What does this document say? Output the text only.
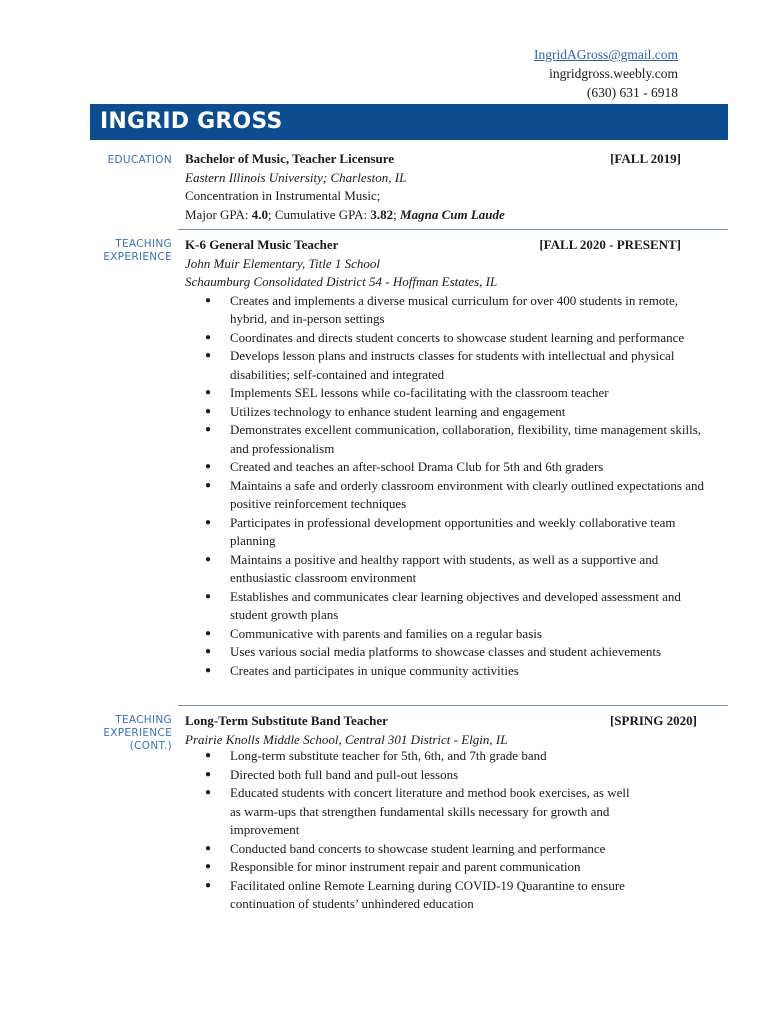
IngridAGross@gmail.com
ingridgross.weebly.com
(630) 631 - 6918
INGRID GROSS
EDUCATION Bachelor of Music, Teacher Licensure	[FALL 2019]
Eastern Illinois University; Charleston, IL
Concentration in Instrumental Music;
Major GPA: 4.0; Cumulative GPA: 3.82; Magna Cum Laude
TEACHING
EXPERIENCE
K-6 General Music Teacher	[FALL 2020 - PRESENT]
John Muir Elementary, Title 1 School
Schaumburg Consolidated District 54 - Hoffman Estates, IL
● Creates and implements a diverse musical curriculum for over 400 students in remote, hybrid, and in-person settings
● Coordinates and directs student concerts to showcase student learning and performance
● Develops lesson plans and instructs classes for students with intellectual and physical disabilities; self-contained and integrated
● Implements SEL lessons while co-facilitating with the classroom teacher
● Utilizes technology to enhance student learning and engagement
● Demonstrates excellent communication, collaboration, flexibility, time management skills, and professionalism
● Created and teaches an after-school Drama Club for 5th and 6th graders
● Maintains a safe and orderly classroom environment with clearly outlined expectations and positive reinforcement techniques
● Participates in professional development opportunities and weekly collaborative team planning
● Maintains a positive and healthy rapport with students, as well as a supportive and enthusiastic classroom environment
● Establishes and communicates clear learning objectives and developed assessment and student growth plans
● Communicative with parents and families on a regular basis
● Uses various social media platforms to showcase classes and student achievements
● Creates and participates in unique community activities
TEACHING
EXPERIENCE
(CONT.)
Long-Term Substitute Band Teacher	[SPRING 2020]
Prairie Knolls Middle School, Central 301 District - Elgin, IL
● Long-term substitute teacher for 5th, 6th, and 7th grade band
● Directed both full band and pull-out lessons
● Educated students with concert literature and method book exercises, as well as warm-ups that strengthen fundamental skills necessary for growth and improvement
● Conducted band concerts to showcase student learning and performance
● Responsible for minor instrument repair and parent communication
● Facilitated online Remote Learning during COVID-19 Quarantine to ensure continuation of students’ unhindered education
